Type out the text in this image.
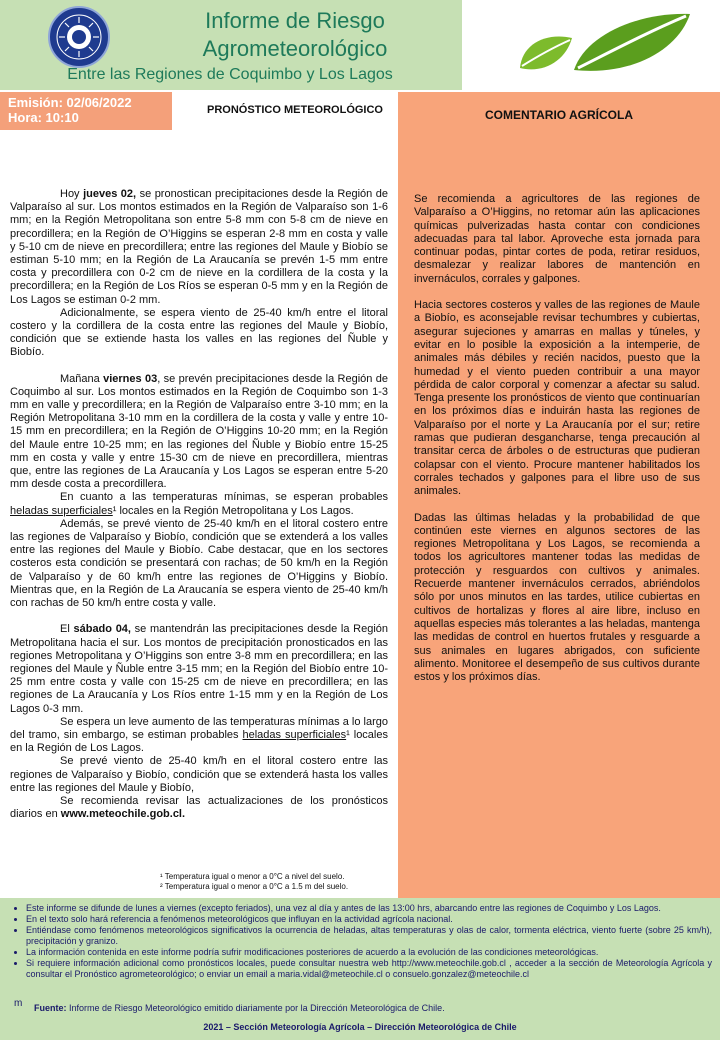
Informe de Riesgo
Agrometeorológico
Entre las Regiones de Coquimbo y Los Lagos
Emisión: 02/06/2022
Hora: 10:10	PRONÓSTICO METEOROLÓGICO	COMENTARIO AGRÍCOLA

Hoy jueves 02, se pronostican precipitaciones desde la Región de Valparaíso al sur. Los montos estimados en la Región de Valparaíso son 1-6 mm; en la Región Metropolitana son entre 5-8 mm con 5-8 cm de nieve en precordillera; en la Región de O’Higgins se esperan 2-8 mm en costa y valle y 5-10 cm de nieve en precordillera; entre las regiones del Maule y Biobío se estiman 5-10 mm; en la Región de La Araucanía se prevén 1-5 mm entre costa y precordillera con 0-2 cm de nieve en la cordillera de la costa y la precordillera; en la Región de Los Ríos se esperan 0-5 mm y en la Región de Los Lagos se estiman 0-2 mm.

Adicionalmente, se espera viento de 25-40 km/h entre el litoral costero y la cordillera de la costa entre las regiones del Maule y Biobío, condición que se extiende hasta los valles en las regiones del Ñuble y Biobío.

Mañana viernes 03, se prevén precipitaciones desde la Región de Coquimbo al sur. Los montos estimados en la Región de Coquimbo son 1-3 mm en valle y precordillera; en la Región de Valparaíso entre 3-10 mm; en la Región Metropolitana 3-10 mm en la cordillera de la costa y valle y entre 10-15 mm en precordillera; en la Región de O’Higgins 10-20 mm; en la Región del Maule entre 10-25 mm; en las regiones del Ñuble y Biobío entre 15-25 mm en costa y valle y entre 15-30 cm de nieve en precordillera, mientras que, entre las regiones de La Araucanía y Los Lagos se esperan entre 5-20 mm desde costa a precordillera.

En cuanto a las temperaturas mínimas, se esperan probables heladas superficiales¹ locales en la Región Metropolitana y Los Lagos.

Además, se prevé viento de 25-40 km/h en el litoral costero entre las regiones de Valparaíso y Biobío, condición que se extenderá a los valles entre las regiones del Maule y Biobío. Cabe destacar, que en los sectores costeros esta condición se presentará con rachas; de 50 km/h en la Región de Valparaíso y de 60 km/h entre las regiones de O’Higgins y Biobío. Mientras que, en la Región de La Araucanía se espera viento de 25-40 km/h con rachas de 50 km/h entre costa y valle.

El sábado 04, se mantendrán las precipitaciones desde la Región Metropolitana hacia el sur. Los montos de precipitación pronosticados en las regiones Metropolitana y O’Higgins son entre 3-8 mm en precordillera; en las regiones del Maule y Ñuble entre 3-15 mm; en la Región del Biobío entre 10-25 mm entre costa y valle con 15-25 cm de nieve en precordillera; en las regiones de La Araucanía y Los Ríos entre 1-15 mm y en la Región de Los Lagos 0-3 mm.

Se espera un leve aumento de las temperaturas mínimas a lo largo del tramo, sin embargo, se estiman probables heladas superficiales¹ locales en la Región de Los Lagos.

Se prevé viento de 25-40 km/h en el litoral costero entre las regiones de Valparaíso y Biobío, condición que se extenderá hasta los valles entre las regiones del Maule y Biobío,

Se recomienda revisar las actualizaciones de los pronósticos diarios en www.meteochile.gob.cl.

¹ Temperatura igual o menor a 0°C a nivel del suelo.
² Temperatura igual o menor a 0°C a 1.5 m del suelo.

Se recomienda a agricultores de las regiones de Valparaíso a O’Higgins, no retomar aún las aplicaciones químicas pulverizadas hasta contar con condiciones adecuadas para tal labor. Aproveche esta jornada para continuar podas, pintar cortes de poda, retirar residuos, desmalezar y realizar labores de mantención en invernáculos, corrales y galpones.

Hacia sectores costeros y valles de las regiones de Maule a Biobío, es aconsejable revisar techumbres y cubiertas, asegurar sujeciones y amarras en mallas y túneles, y evitar en lo posible la exposición a la intemperie, de animales más débiles y recién nacidos, puesto que la humedad y el viento pueden contribuir a una mayor pérdida de calor corporal y comenzar a afectar su salud. Tenga presente los pronósticos de viento que continuarían en los próximos días e induirán hasta las regiones de Valparaíso por el norte y La Araucanía por el sur; retire ramas que pudieran desgancharse, tenga precaución al transitar cerca de árboles o de estructuras que pudieran colapsar con el viento. Procure mantener habilitados los corrales techados y galpones para el libre uso de sus animales.

Dadas las últimas heladas y la probabilidad de que continúen este viernes en algunos sectores de las regiones Metropolitana y Los Lagos, se recomienda a todos los agricultores mantener todas las medidas de protección y resguardos con cultivos y animales. Recuerde mantener invernáculos cerrados, abriéndolos sólo por unos minutos en las tardes, utilice cubiertas en cultivos de hortalizas y flores al aire libre, incluso en aquellas especies más tolerantes a las heladas, mantenga las medidas de control en huertos frutales y resguarde a sus animales en lugares abrigados, con suficiente alimento. Monitoree el desempeño de sus cultivos durante estos y los próximos días.

• Este informe se difunde de lunes a viernes (excepto feriados), una vez al día y antes de las 13:00 hrs, abarcando entre las regiones de Coquimbo y Los Lagos.
• En el texto solo hará referencia a fenómenos meteorológicos que influyan en la actividad agrícola nacional.
• Entiéndase como fenómenos meteorológicos significativos la ocurrencia de heladas, altas temperaturas y olas de calor, tormenta eléctrica, viento fuerte (sobre 25 km/h), precipitación y granizo.
• La información contenida en este informe podría sufrir modificaciones posteriores de acuerdo a la evolución de las condiciones meteorológicas.
• Si requiere información adicional como pronósticos locales, puede consultar nuestra web http://www.meteochile.gob.cl , acceder a la sección de Meteorología Agrícola y consultar el Pronóstico agrometeorológico; o enviar un email a maria.vidal@meteochile.cl o consuelo.gonzalez@meteochile.cl
m Fuente: Informe de Riesgo Meteorológico emitido diariamente por la Dirección Meteorológica de Chile.
2021 – Sección Meteorología Agrícola – Dirección Meteorológica de Chile
